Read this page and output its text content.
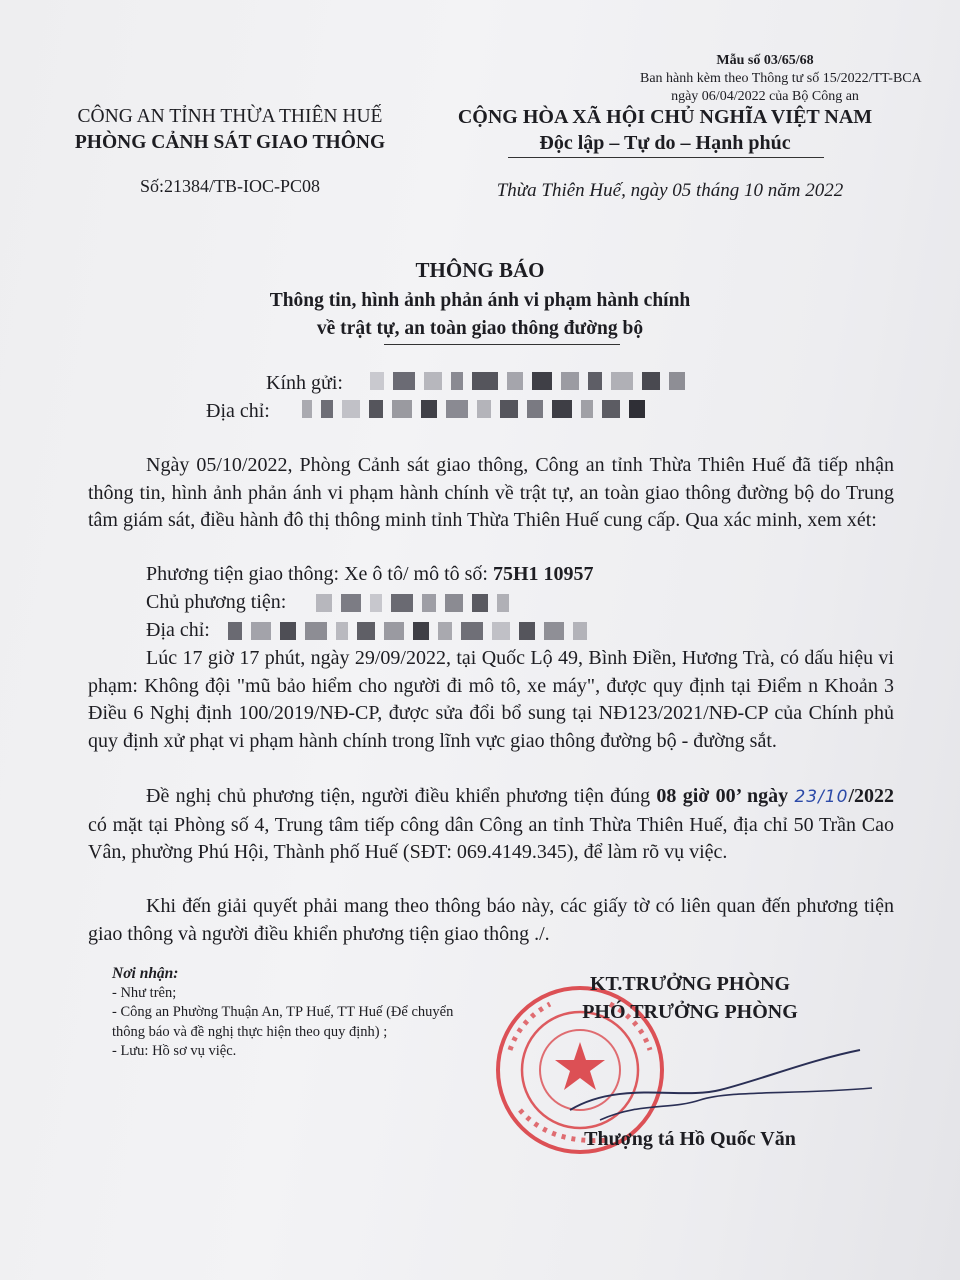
Mẫu số 03/65/68
Ban hành kèm theo Thông tư số 15/2022/TT-BCA
ngày 06/04/2022 của Bộ Công an
CÔNG AN TỈNH THỪA THIÊN HUẾ
PHÒNG CẢNH SÁT GIAO THÔNG
Số:21384/TB-IOC-PC08
CỘNG HÒA XÃ HỘI CHỦ NGHĨA VIỆT NAM
Độc lập – Tự do – Hạnh phúc
Thừa Thiên Huế, ngày 05 tháng 10 năm 2022
THÔNG BÁO
Thông tin, hình ảnh phản ánh vi phạm hành chính
về trật tự, an toàn giao thông đường bộ
Kính gửi:
Địa chỉ:
Ngày 05/10/2022, Phòng Cảnh sát giao thông, Công an tỉnh Thừa Thiên Huế đã tiếp nhận thông tin, hình ảnh phản ánh vi phạm hành chính về trật tự, an toàn giao thông đường bộ do Trung tâm giám sát, điều hành đô thị thông minh tỉnh Thừa Thiên Huế cung cấp. Qua xác minh, xem xét:
Phương tiện giao thông: Xe ô tô/ mô tô số: 75H1 10957
Chủ phương tiện:
Địa chỉ:
Lúc 17 giờ 17 phút, ngày 29/09/2022, tại Quốc Lộ 49, Bình Điền, Hương Trà, có dấu hiệu vi phạm: Không đội "mũ bảo hiểm cho người đi mô tô, xe máy", được quy định tại Điểm n Khoản 3 Điều 6 Nghị định 100/2019/NĐ-CP, được sửa đổi bổ sung tại NĐ123/2021/NĐ-CP của Chính phủ quy định xử phạt vi phạm hành chính trong lĩnh vực giao thông đường bộ - đường sắt.
Đề nghị chủ phương tiện, người điều khiển phương tiện đúng 08 giờ 00’ ngày 23/10/2022 có mặt tại Phòng số 4, Trung tâm tiếp công dân Công an tỉnh Thừa Thiên Huế, địa chỉ 50 Trần Cao Vân, phường Phú Hội, Thành phố Huế (SĐT: 069.4149.345), để làm rõ vụ việc.
Khi đến giải quyết phải mang theo thông báo này, các giấy tờ có liên quan đến phương tiện giao thông và người điều khiển phương tiện giao thông ./.
Nơi nhận:
- Như trên;
- Công an Phường Thuận An, TP Huế, TT Huế (Để chuyển thông báo và đề nghị thực hiện theo quy định) ;
- Lưu: Hồ sơ vụ việc.
KT.TRƯỞNG PHÒNG
PHÓ TRƯỞNG PHÒNG
Thượng tá Hồ Quốc Văn
